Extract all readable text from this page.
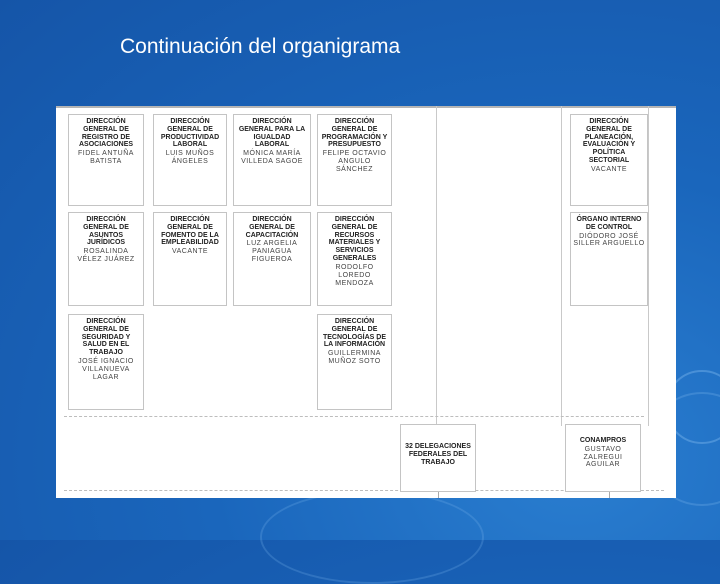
Continuación del organigrama
DIRECCIÓN GENERAL DE REGISTRO DE ASOCIACIONES
FIDEL ANTUÑA BATISTA
DIRECCIÓN GENERAL DE PRODUCTIVIDAD LABORAL
LUIS MUÑOS ÁNGELES
DIRECCIÓN GENERAL PARA LA IGUALDAD LABORAL
MÓNICA MARÍA VILLEDA SAGOE
DIRECCIÓN GENERAL DE PROGRAMACIÓN Y PRESUPUESTO
FELIPE OCTAVIO ANGULO SÁNCHEZ
DIRECCIÓN GENERAL DE PLANEACIÓN, EVALUACIÓN Y POLÍTICA SECTORIAL
VACANTE
DIRECCIÓN GENERAL DE ASUNTOS JURÍDICOS
ROSALINDA VÉLEZ JUÁREZ
DIRECCIÓN GENERAL DE FOMENTO DE LA EMPLEABILIDAD
VACANTE
DIRECCIÓN GENERAL DE CAPACITACIÓN
LUZ ARGELIA PANIAGUA FIGUEROA
DIRECCIÓN GENERAL DE RECURSOS MATERIALES Y SERVICIOS GENERALES
RODOLFO LOREDO MENDOZA
ÓRGANO INTERNO DE CONTROL
DIÓDORO JOSÉ SILLER ARGUELLO
DIRECCIÓN GENERAL DE SEGURIDAD Y SALUD EN EL TRABAJO
JOSÉ IGNACIO VILLANUEVA LAGAR
DIRECCIÓN GENERAL DE TECNOLOGÍAS DE LA INFORMACIÓN
GUILLERMINA MUÑOZ SOTO
32 DELEGACIONES FEDERALES DEL TRABAJO
CONAMPROS
GUSTAVO ZALREGUI AGUILAR
